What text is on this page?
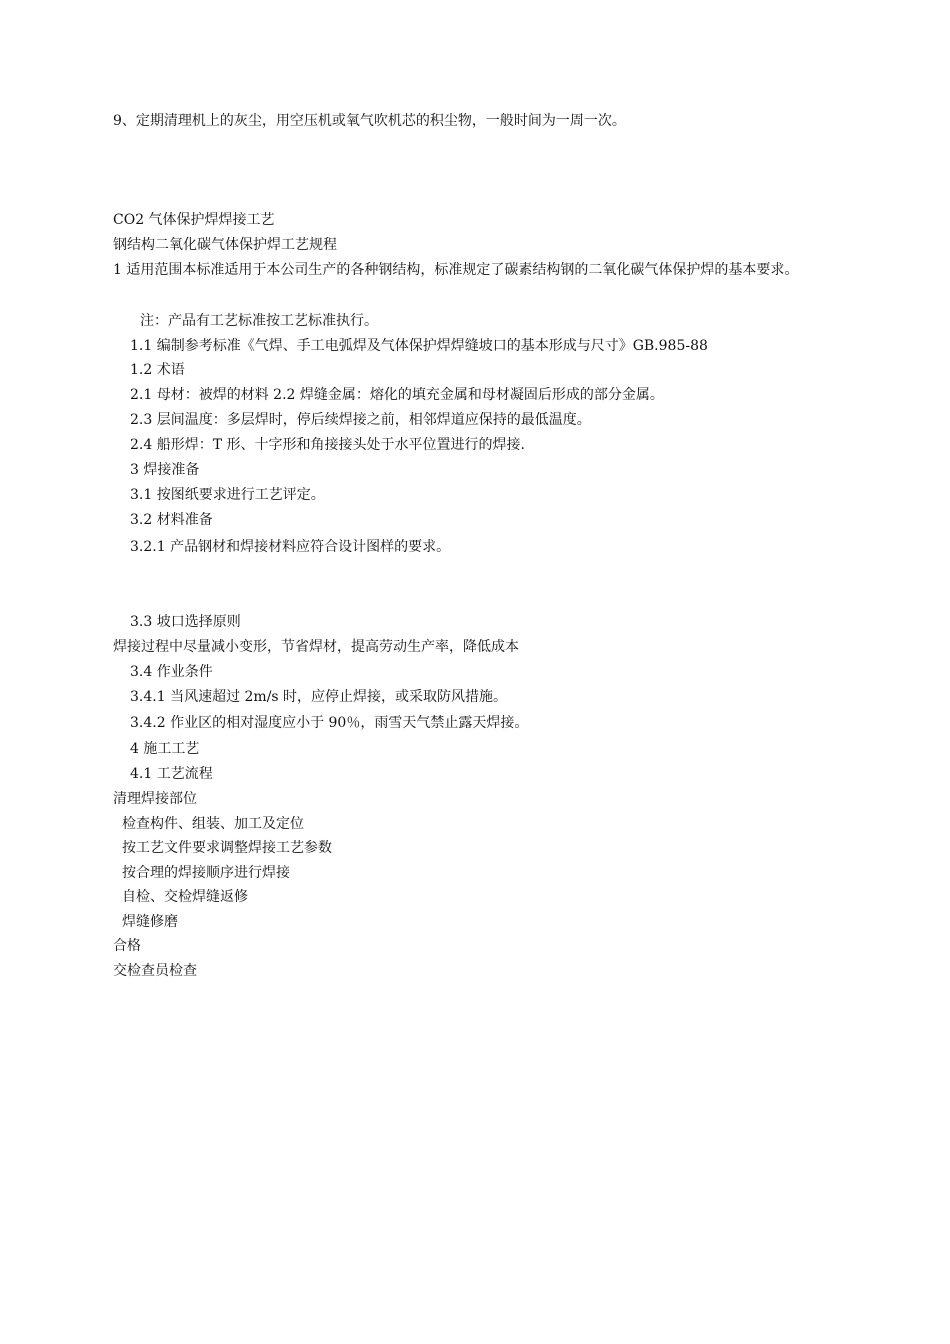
9、定期清理机上的灰尘，用空压机或氧气吹机芯的积尘物，一般时间为一周一次。
CO2 气体保护焊焊接工艺
钢结构二氧化碳气体保护焊工艺规程
1 适用范围本标准适用于本公司生产的各种钢结构，标准规定了碳素结构钢的二氧化碳气体保护焊的基本要求。
注：产品有工艺标准按工艺标准执行。
1.1 编制参考标准《气焊、手工电弧焊及气体保护焊焊缝坡口的基本形成与尺寸》GB.985-88
1.2 术语
2.1 母材：被焊的材料 2.2 焊缝金属：熔化的填充金属和母材凝固后形成的部分金属。
2.3 层间温度：多层焊时，停后续焊接之前，相邻焊道应保持的最低温度。
2.4 船形焊：T 形、十字形和角接接头处于水平位置进行的焊接.
3 焊接准备
3.1 按图纸要求进行工艺评定。
3.2 材料准备
3.2.1 产品钢材和焊接材料应符合设计图样的要求。
3.3 坡口选择原则
焊接过程中尽量减小变形，节省焊材，提高劳动生产率，降低成本
3.4 作业条件
3.4.1 当风速超过 2m/s 时，应停止焊接，或采取防风措施。
3.4.2 作业区的相对湿度应小于 90％，雨雪天气禁止露天焊接。
4 施工工艺
4.1 工艺流程
清理焊接部位
检查构件、组装、加工及定位
按工艺文件要求调整焊接工艺参数
按合理的焊接顺序进行焊接
自检、交检焊缝返修
焊缝修磨
合格
交检查员检查
